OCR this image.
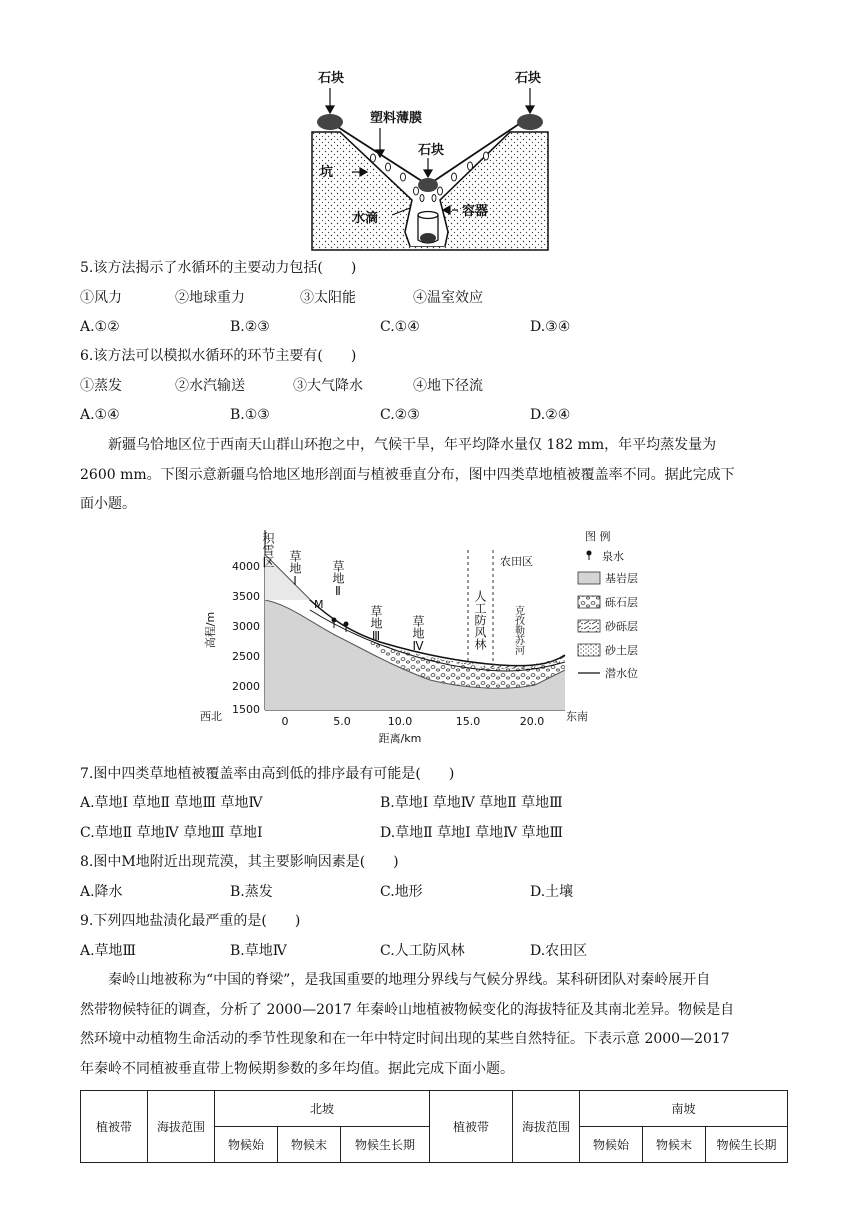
石块	石块
塑料薄膜
石块
坑
水滴	容器
5.该方法揭示了水循环的主要动力包括(　　)
①风力	②地球重力	③太阳能	④温室效应
A.①②	B.②③	C.①④	D.③④
6.该方法可以模拟水循环的环节主要有(　　)
①蒸发	②水汽输送	③大气降水	④地下径流
A.①④	B.①③	C.②③	D.②④
新疆乌恰地区位于西南天山群山环抱之中，气候干旱，年平均降水量仅 182 mm，年平均蒸发量为
2600 mm。下图示意新疆乌恰地区地形剖面与植被垂直分布，图中四类草地植被覆盖率不同。据此完成下
面小题。
4000
3500
3000
2500
2000
1500
0	5.0	10.0	15.0	20.0
距离/km
高程/m
西北	东南
M
农田区
积雪区 草地Ⅰ 草地Ⅱ
草地Ⅲ 草地Ⅳ	人工防风林	克孜勒苏河
图 例
泉水
基岩层
砾石层
砂砾层
砂土层
潜水位
7.图中四类草地植被覆盖率由高到低的排序最有可能是(　　)
A.草地Ⅰ 草地Ⅱ 草地Ⅲ 草地Ⅳ	B.草地Ⅰ 草地Ⅳ 草地Ⅱ 草地Ⅲ
C.草地Ⅱ 草地Ⅳ 草地Ⅲ 草地Ⅰ	D.草地Ⅱ 草地Ⅰ 草地Ⅳ 草地Ⅲ
8.图中M地附近出现荒漠，其主要影响因素是(　　)
A.降水	B.蒸发	C.地形	D.土壤
9.下列四地盐渍化最严重的是(　　)
A.草地Ⅲ	B.草地Ⅳ	C.人工防风林	D.农田区
秦岭山地被称为“中国的脊梁”，是我国重要的地理分界线与气候分界线。某科研团队对秦岭展开自
然带物候特征的调查，分析了 2000—2017 年秦岭山地植被物候变化的海拔特征及其南北差异。物候是自
然环境中动植物生命活动的季节性现象和在一年中特定时间出现的某些自然特征。下表示意 2000—2017
年秦岭不同植被垂直带上物候期参数的多年均值。据此完成下面小题。
植被带	海拔范围	北坡			植被带	海拔范围	南坡		
		物候始	物候末	物候生长期			物候始	物候末	物候生长期
